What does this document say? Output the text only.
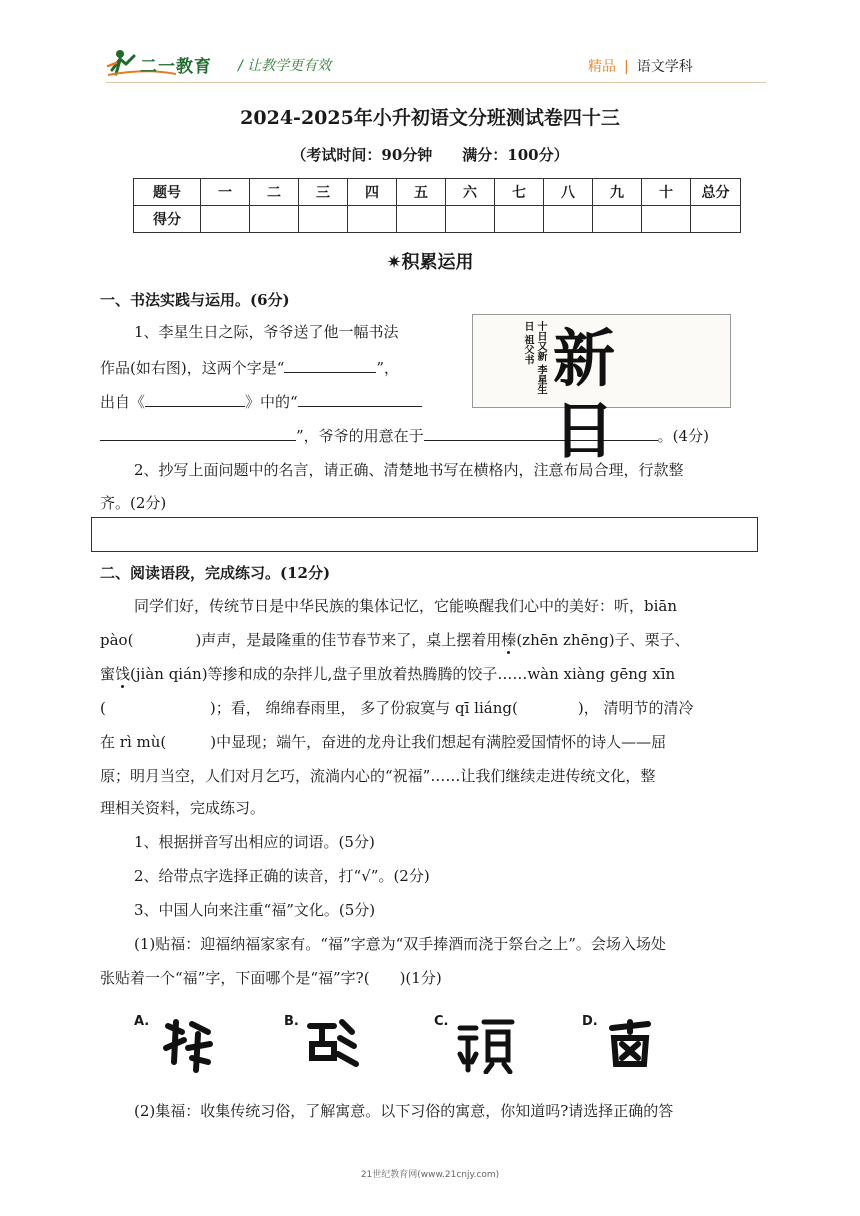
二一教育 / 让教学更有效	精品 | 语文学科
2024-2025年小升初语文分班测试卷四十三
（考试时间：90分钟　　满分：100分）
题号	一	二	三	四	五	六	七	八	九	十	总分
得分											
✷积累运用
一、书法实践与运用。(6分)
1、李星生日之际，爷爷送了他一幅书法
作品(如右图)，这两个字是“	”，
出自《	》中的“
”，爷爷的用意在于	。(4分)
十日又新 李星生日 祖父书 新 日
2、抄写上面问题中的名言，请正确、清楚地书写在横格内，注意布局合理，行款整
齐。(2分)
二、阅读语段，完成练习。(12分)
同学们好，传统节日是中华民族的集体记忆，它能唤醒我们心中的美好：听，biān
pào(	)声声，是最隆重的佳节春节来了，桌上摆着用榛(zhēn zhēng)子、栗子、
蜜饯(jiàn qián)等掺和成的杂拌儿,盘子里放着热腾腾的饺子……wàn xiàng gēng xīn
(	)；看， 绵绵春雨里， 多了份寂寞与 qī liáng(	)， 清明节的清冷
在 rì mù(	)中显现；端午，奋进的龙舟让我们想起有满腔爱国情怀的诗人——屈
原；明月当空，人们对月乞巧，流淌内心的“祝福”……让我们继续走进传统文化，整
理相关资料，完成练习。
1、根据拼音写出相应的词语。(5分)
2、给带点字选择正确的读音，打“√”。(2分)
3、中国人向来注重“福”文化。(5分)
(1)贴福：迎福纳福家家有。“福”字意为“双手捧酒而浇于祭台之上”。会场入场处
张贴着一个“福”字，下面哪个是“福”字?(　　)(1分)
A.	B.	C.	D.
(2)集福：收集传统习俗，了解寓意。以下习俗的寓意，你知道吗?请选择正确的答
21世纪教育网(www.21cnjy.com)
